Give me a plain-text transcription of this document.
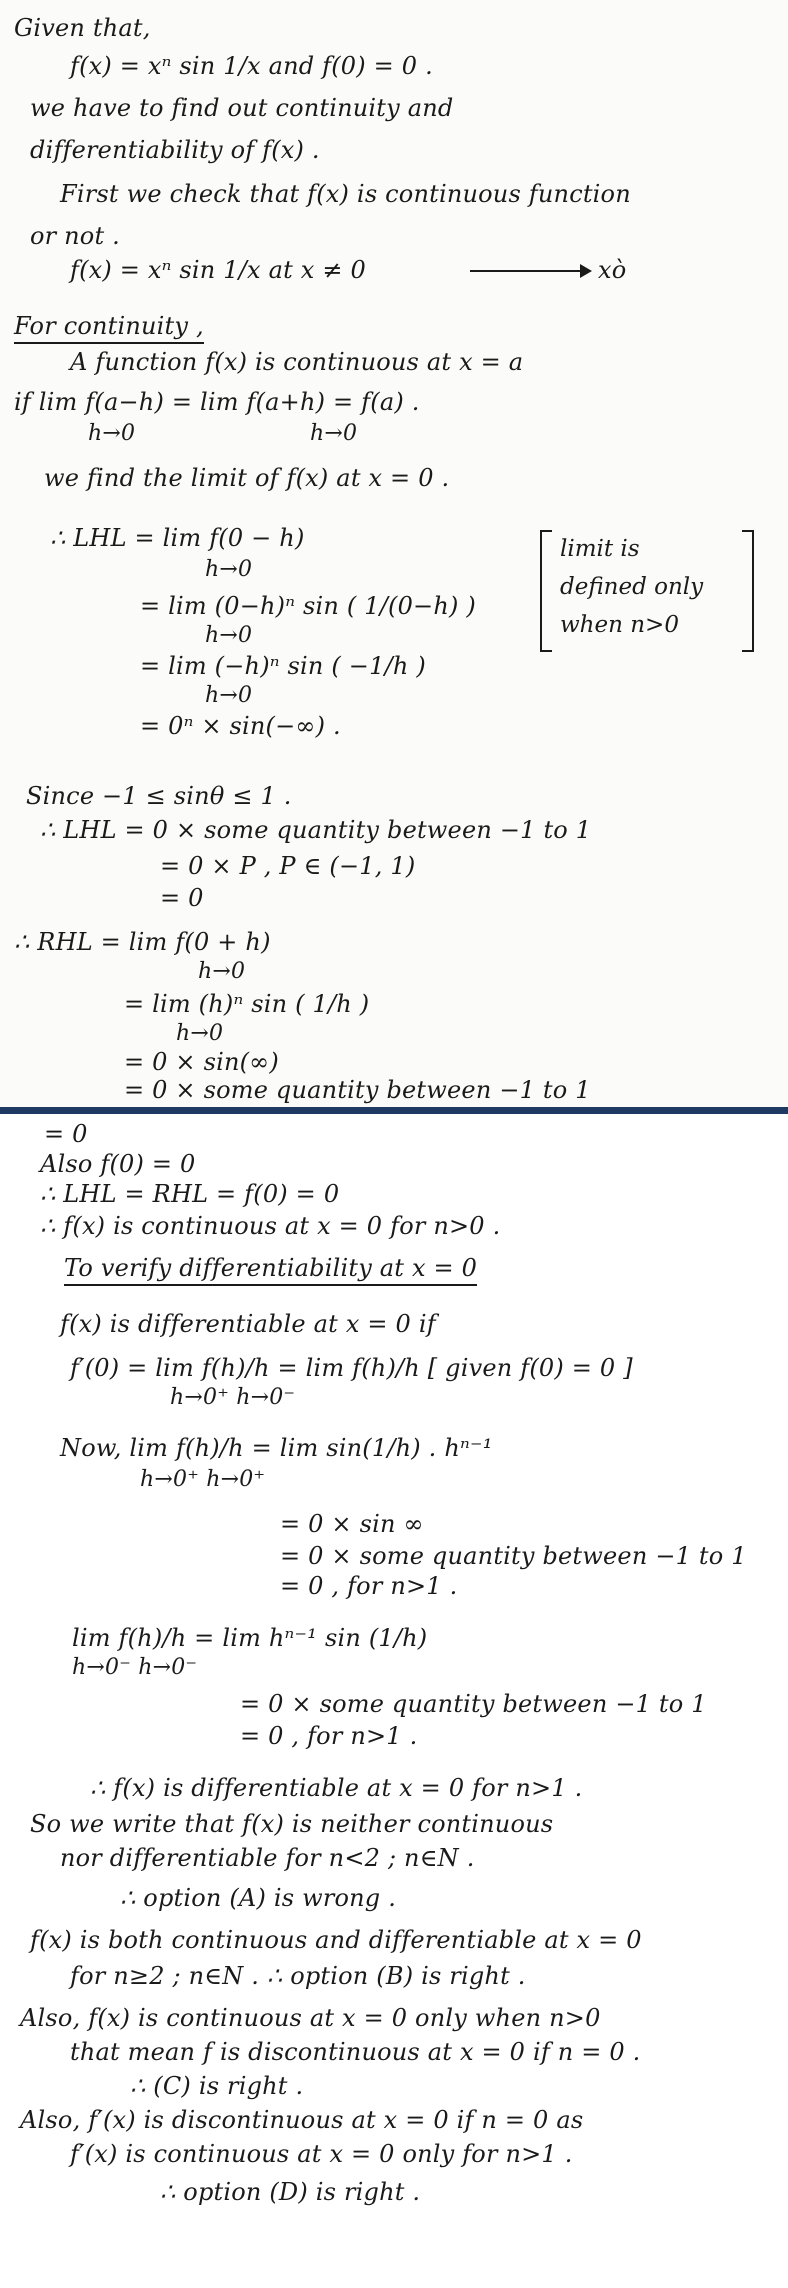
Given that,
f(x) = xⁿ sin 1/x and f(0) = 0 .
we have to find out continuity and
differentiability of f(x) .
First we check that f(x) is continuous function
or not .
f(x) = xⁿ sin 1/x at x ≠ 0	xò
For continuity ,
A function f(x) is continuous at x = a
if lim f(a−h) = lim f(a+h) = f(a) .
h→0	h→0
we find the limit of f(x) at x = 0 .
∴ LHL = lim f(0 − h)
h→0
= lim (0−h)ⁿ sin ( 1/(0−h) )
h→0
= lim (−h)ⁿ sin ( −1/h )
h→0
= 0ⁿ × sin(−∞) .
limit is
defined only
when n>0
Since −1 ≤ sinθ ≤ 1 .
∴ LHL = 0 × some quantity between −1 to 1
= 0 × P , P ∈ (−1, 1)
= 0
∴ RHL = lim f(0 + h)
h→0
= lim (h)ⁿ sin ( 1/h )
h→0
= 0 × sin(∞)
= 0 × some quantity between −1 to 1
= 0
Also f(0) = 0
∴ LHL = RHL = f(0) = 0
∴ f(x) is continuous at x = 0 for n>0 .
To verify differentiability at x = 0
f(x) is differentiable at x = 0 if
f′(0) = lim f(h)/h = lim f(h)/h [ given f(0) = 0 ]
h→0⁺ h→0⁻
Now, lim f(h)/h = lim sin(1/h) . hⁿ⁻¹
h→0⁺ h→0⁺
= 0 × sin ∞
= 0 × some quantity between −1 to 1
= 0 , for n>1 .
lim f(h)/h = lim hⁿ⁻¹ sin (1/h)
h→0⁻ h→0⁻
= 0 × some quantity between −1 to 1
= 0 , for n>1 .
∴ f(x) is differentiable at x = 0 for n>1 .
So we write that f(x) is neither continuous
nor differentiable for n<2 ; n∈N .
∴ option (A) is wrong .
f(x) is both continuous and differentiable at x = 0
for n≥2 ; n∈N . ∴ option (B) is right .
Also, f(x) is continuous at x = 0 only when n>0
that mean f is discontinuous at x = 0 if n = 0 .
∴ (C) is right .
Also, f′(x) is discontinuous at x = 0 if n = 0 as
f′(x) is continuous at x = 0 only for n>1 .
∴ option (D) is right .
